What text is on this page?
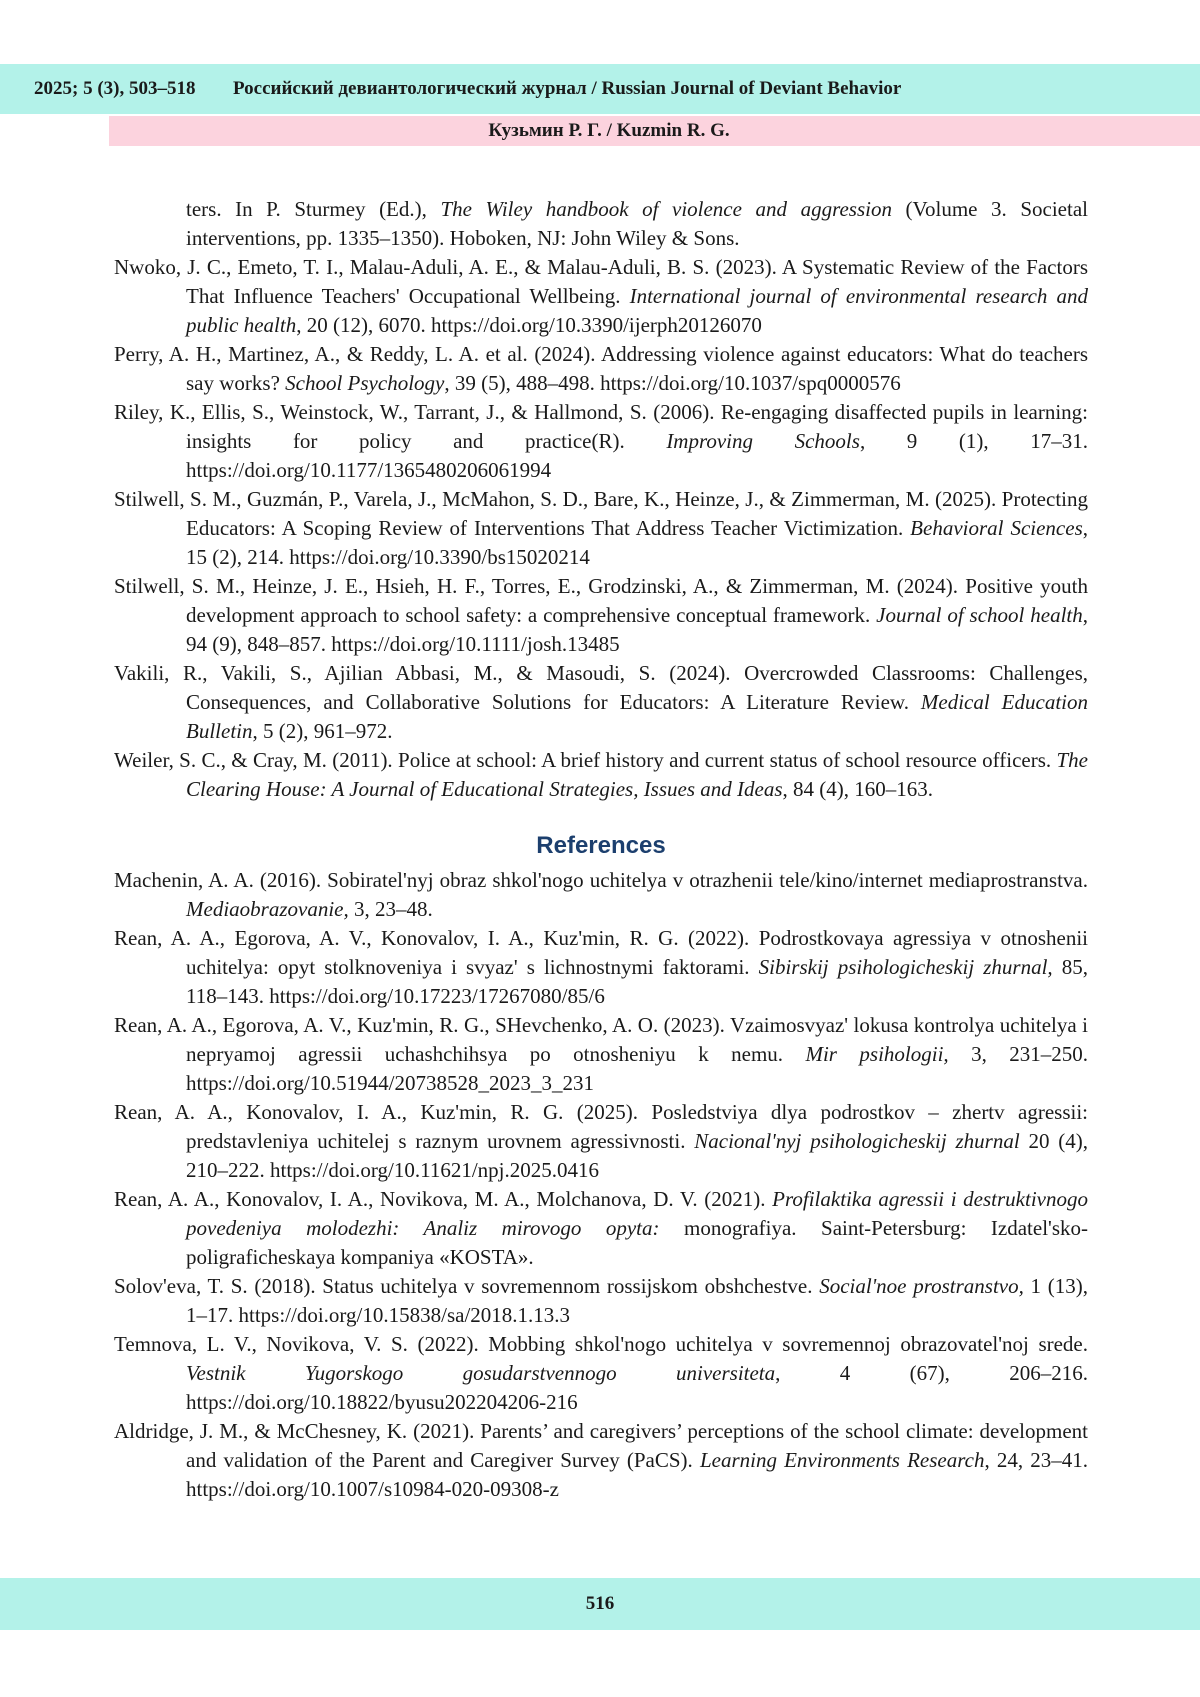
2025; 5 (3), 503–518 Российский девиантологический журнал / Russian Journal of Deviant Behavior
Кузьмин Р. Г. / Kuzmin R. G.

ters. In P. Sturmey (Ed.), The Wiley handbook of violence and aggression (Volume 3. Societal interventions, pp. 1335–1350). Hoboken, NJ: John Wiley & Sons.

Nwoko, J. C., Emeto, T. I., Malau-Aduli, A. E., & Malau-Aduli, B. S. (2023). A Systematic Review of the Factors That Influence Teachers' Occupational Wellbeing. International journal of environmental research and public health, 20 (12), 6070. https://doi.org/10.3390/ijerph20126070

Perry, A. H., Martinez, A., & Reddy, L. A. et al. (2024). Addressing violence against educators: What do teachers say works? School Psychology, 39 (5), 488–498. https://doi.org/10.1037/spq0000576

Riley, K., Ellis, S., Weinstock, W., Tarrant, J., & Hallmond, S. (2006). Re-engaging disaffected pupils in learning: insights for policy and practice(R). Improving Schools, 9 (1), 17–31. https://doi.org/10.1177/1365480206061994

Stilwell, S. M., Guzmán, P., Varela, J., McMahon, S. D., Bare, K., Heinze, J., & Zimmerman, M. (2025). Protecting Educators: A Scoping Review of Interventions That Address Teacher Victimization. Behavioral Sciences, 15 (2), 214. https://doi.org/10.3390/bs15020214

Stilwell, S. M., Heinze, J. E., Hsieh, H. F., Torres, E., Grodzinski, A., & Zimmerman, M. (2024). Positive youth development approach to school safety: a comprehensive conceptual framework. Journal of school health, 94 (9), 848–857. https://doi.org/10.1111/josh.13485

Vakili, R., Vakili, S., Ajilian Abbasi, M., & Masoudi, S. (2024). Overcrowded Classrooms: Challenges, Consequences, and Collaborative Solutions for Educators: A Literature Review. Medical Education Bulletin, 5 (2), 961–972.

Weiler, S. C., & Cray, M. (2011). Police at school: A brief history and current status of school resource officers. The Clearing House: A Journal of Educational Strategies, Issues and Ideas, 84 (4), 160–163.

References

Machenin, A. A. (2016). Sobiratel'nyj obraz shkol'nogo uchitelya v otrazhenii tele/kino/internet mediaprostranstva. Mediaobrazovanie, 3, 23–48.

Rean, A. A., Egorova, A. V., Konovalov, I. A., Kuz'min, R. G. (2022). Podrostkovaya agressiya v otnoshenii uchitelya: opyt stolknoveniya i svyaz' s lichnostnymi faktorami. Sibirskij psihologicheskij zhurnal, 85, 118–143. https://doi.org/10.17223/17267080/85/6

Rean, A. A., Egorova, A. V., Kuz'min, R. G., SHevchenko, A. O. (2023). Vzaimosvyaz' lokusa kontrolya uchitelya i nepryamoj agressii uchashchihsya po otnosheniyu k nemu. Mir psihologii, 3, 231–250. https://doi.org/10.51944/20738528_2023_3_231

Rean, A. A., Konovalov, I. A., Kuz'min, R. G. (2025). Posledstviya dlya podrostkov – zhertv agressii: predstavleniya uchitelej s raznym urovnem agressivnosti. Nacional'nyj psihologicheskij zhurnal 20 (4), 210–222. https://doi.org/10.11621/npj.2025.0416

Rean, A. A., Konovalov, I. A., Novikova, M. A., Molchanova, D. V. (2021). Profilaktika agressii i destruktivnogo povedeniya molodezhi: Analiz mirovogo opyta: monografiya. Saint-Petersburg: Izdatel'sko-poligraficheskaya kompaniya «KOSTA».

Solov'eva, T. S. (2018). Status uchitelya v sovremennom rossijskom obshchestve. Social'noe prostranstvo, 1 (13), 1–17. https://doi.org/10.15838/sa/2018.1.13.3

Temnova, L. V., Novikova, V. S. (2022). Mobbing shkol'nogo uchitelya v sovremennoj obrazovatel'noj srede. Vestnik Yugorskogo gosudarstvennogo universiteta, 4 (67), 206–216. https://doi.org/10.18822/byusu202204206-216

Aldridge, J. M., & McChesney, K. (2021). Parents’ and caregivers’ perceptions of the school climate: development and validation of the Parent and Caregiver Survey (PaCS). Learning Environments Research, 24, 23–41. https://doi.org/10.1007/s10984-020-09308-z

516
